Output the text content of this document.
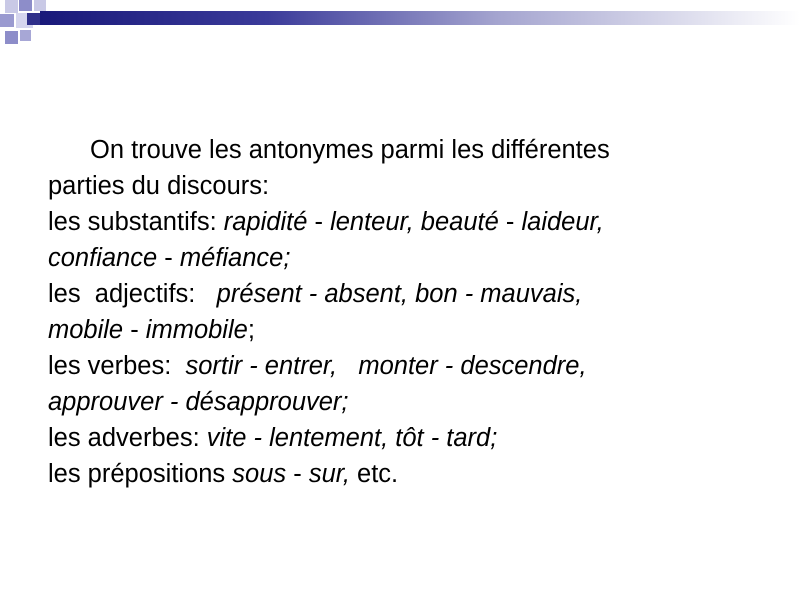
On trouve les antonymes parmi les différentes
parties du discours:
les substantifs: rapidité - lenteur, beauté - laideur,
confiance - méfiance;
les  adjectifs:   présent - absent, bon - mauvais,
mobile - immobile;
les verbes:  sortir - entrer,   monter - descendre,
approuver - désapprouver;
les adverbes: vite - lentement, tôt - tard;
les prépositions sous - sur, etc.
